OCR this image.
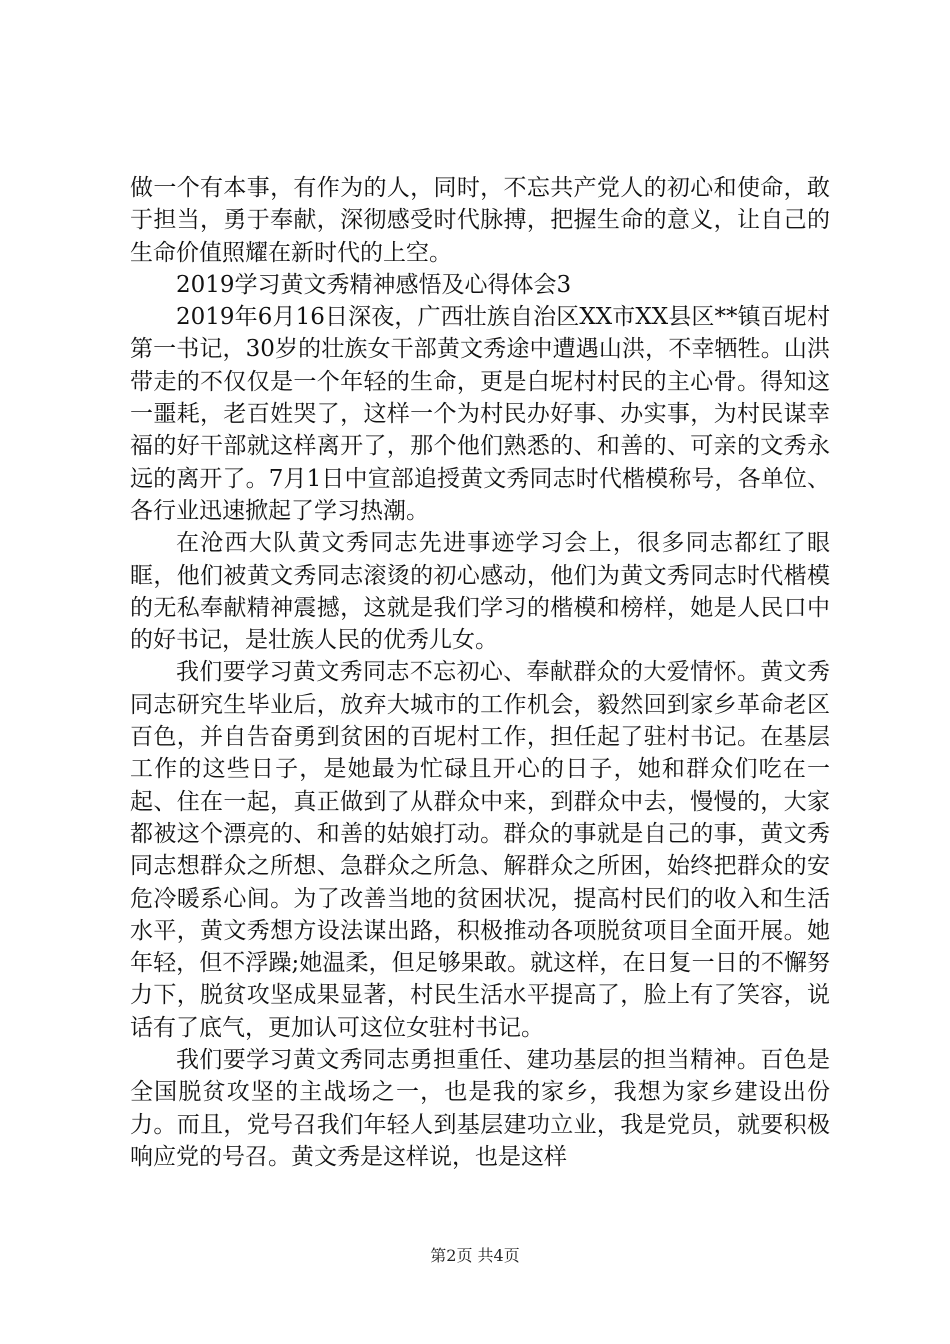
做一个有本事，有作为的人，同时，不忘共产党人的初心和使命，敢于担当，勇于奉献，深彻感受时代脉搏，把握生命的意义，让自己的生命价值照耀在新时代的上空。

2019学习黄文秀精神感悟及心得体会3

2019年6月16日深夜，广西壮族自治区XX市XX县区**镇百坭村第一书记，30岁的壮族女干部黄文秀途中遭遇山洪，不幸牺牲。山洪带走的不仅仅是一个年轻的生命，更是白坭村村民的主心骨。得知这一噩耗，老百姓哭了，这样一个为村民办好事、办实事，为村民谋幸福的好干部就这样离开了，那个他们熟悉的、和善的、可亲的文秀永远的离开了。7月1日中宣部追授黄文秀同志时代楷模称号，各单位、各行业迅速掀起了学习热潮。

在沧西大队黄文秀同志先进事迹学习会上，很多同志都红了眼眶，他们被黄文秀同志滚烫的初心感动，他们为黄文秀同志时代楷模的无私奉献精神震撼，这就是我们学习的楷模和榜样，她是人民口中的好书记，是壮族人民的优秀儿女。

我们要学习黄文秀同志不忘初心、奉献群众的大爱情怀。黄文秀同志研究生毕业后，放弃大城市的工作机会，毅然回到家乡革命老区百色，并自告奋勇到贫困的百坭村工作，担任起了驻村书记。在基层工作的这些日子，是她最为忙碌且开心的日子，她和群众们吃在一起、住在一起，真正做到了从群众中来，到群众中去，慢慢的，大家都被这个漂亮的、和善的姑娘打动。群众的事就是自己的事，黄文秀同志想群众之所想、急群众之所急、解群众之所困，始终把群众的安危冷暖系心间。为了改善当地的贫困状况，提高村民们的收入和生活水平，黄文秀想方设法谋出路，积极推动各项脱贫项目全面开展。她年轻，但不浮躁;她温柔，但足够果敢。就这样，在日复一日的不懈努力下，脱贫攻坚成果显著，村民生活水平提高了，脸上有了笑容，说话有了底气，更加认可这位女驻村书记。

我们要学习黄文秀同志勇担重任、建功基层的担当精神。百色是全国脱贫攻坚的主战场之一，也是我的家乡，我想为家乡建设出份力。而且，党号召我们年轻人到基层建功立业，我是党员，就要积极响应党的号召。黄文秀是这样说，也是这样

第2页 共4页
